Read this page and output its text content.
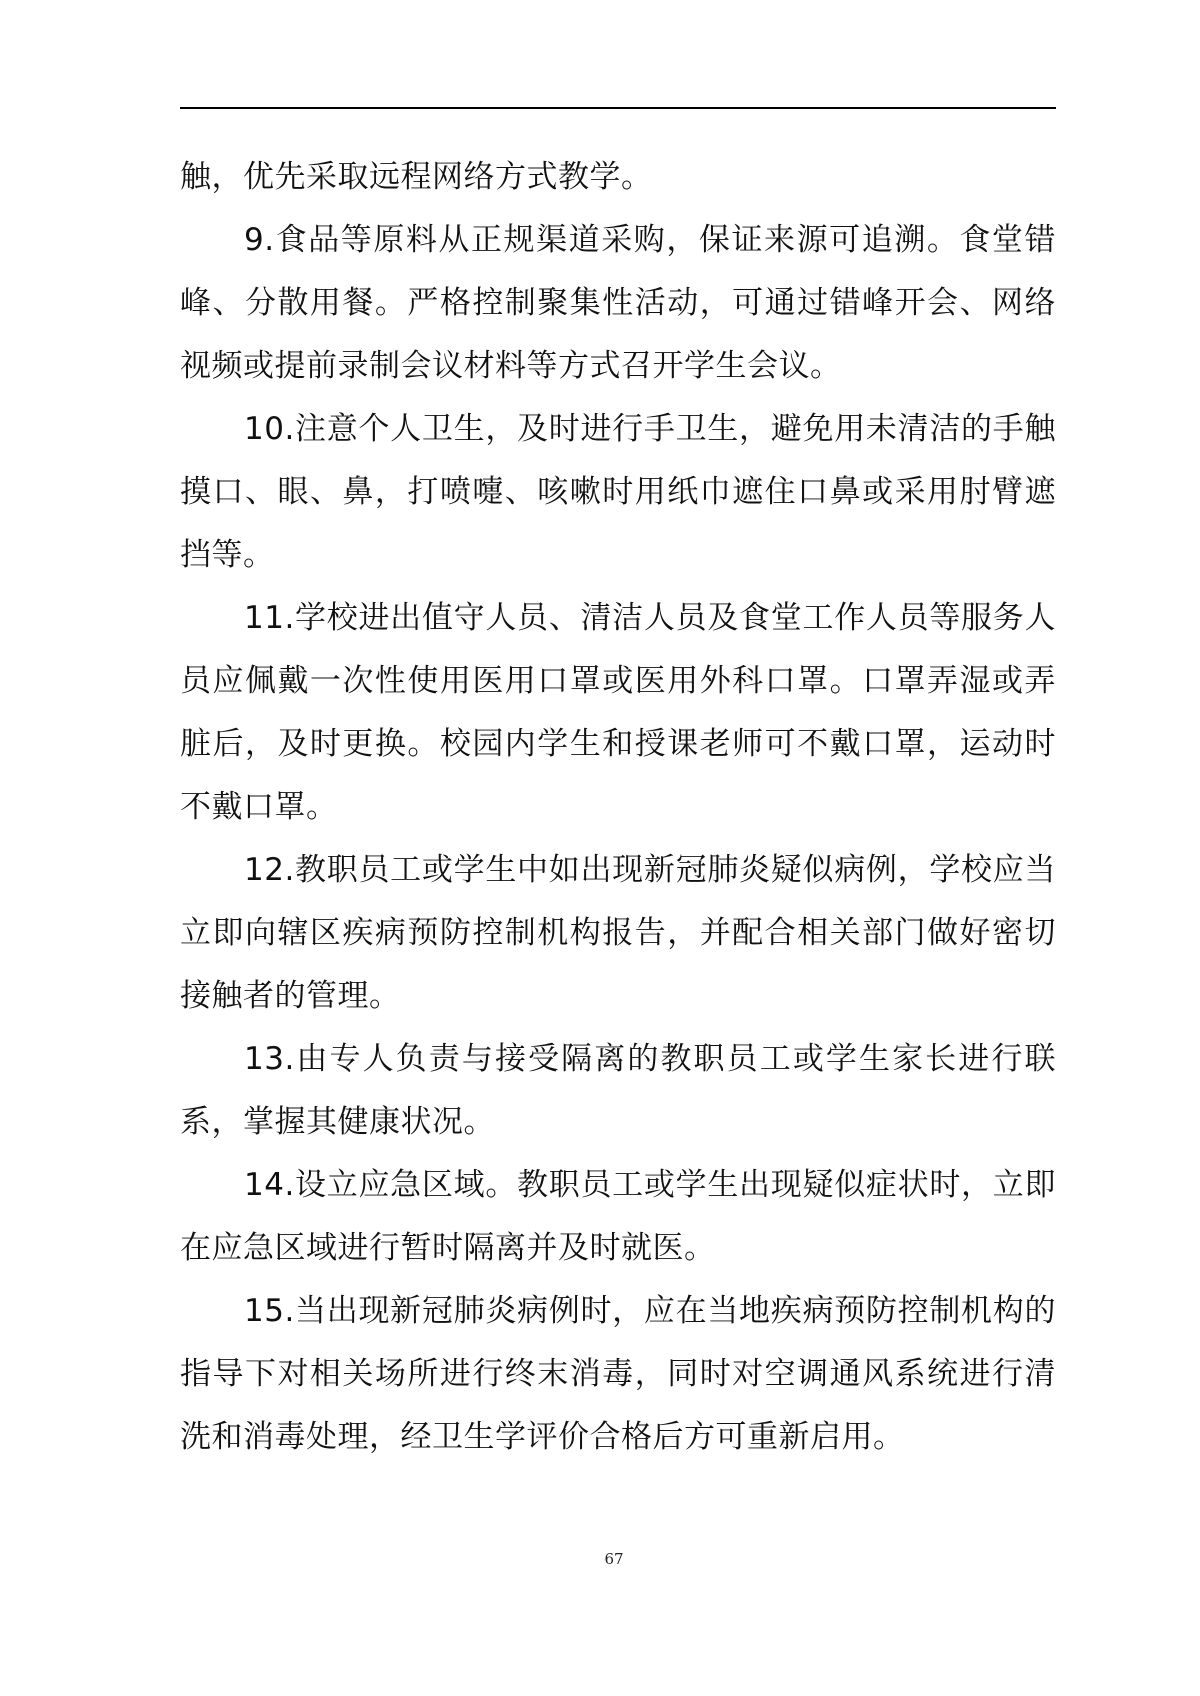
触，优先采取远程网络方式教学。

9.食品等原料从正规渠道采购，保证来源可追溯。食堂错峰、分散用餐。严格控制聚集性活动，可通过错峰开会、网络视频或提前录制会议材料等方式召开学生会议。

10.注意个人卫生，及时进行手卫生，避免用未清洁的手触摸口、眼、鼻，打喷嚏、咳嗽时用纸巾遮住口鼻或采用肘臂遮挡等。

11.学校进出值守人员、清洁人员及食堂工作人员等服务人员应佩戴一次性使用医用口罩或医用外科口罩。口罩弄湿或弄脏后，及时更换。校园内学生和授课老师可不戴口罩，运动时不戴口罩。

12.教职员工或学生中如出现新冠肺炎疑似病例，学校应当立即向辖区疾病预防控制机构报告，并配合相关部门做好密切接触者的管理。

13.由专人负责与接受隔离的教职员工或学生家长进行联系，掌握其健康状况。

14.设立应急区域。教职员工或学生出现疑似症状时，立即在应急区域进行暂时隔离并及时就医。

15.当出现新冠肺炎病例时，应在当地疾病预防控制机构的指导下对相关场所进行终末消毒，同时对空调通风系统进行清洗和消毒处理，经卫生学评价合格后方可重新启用。

67
